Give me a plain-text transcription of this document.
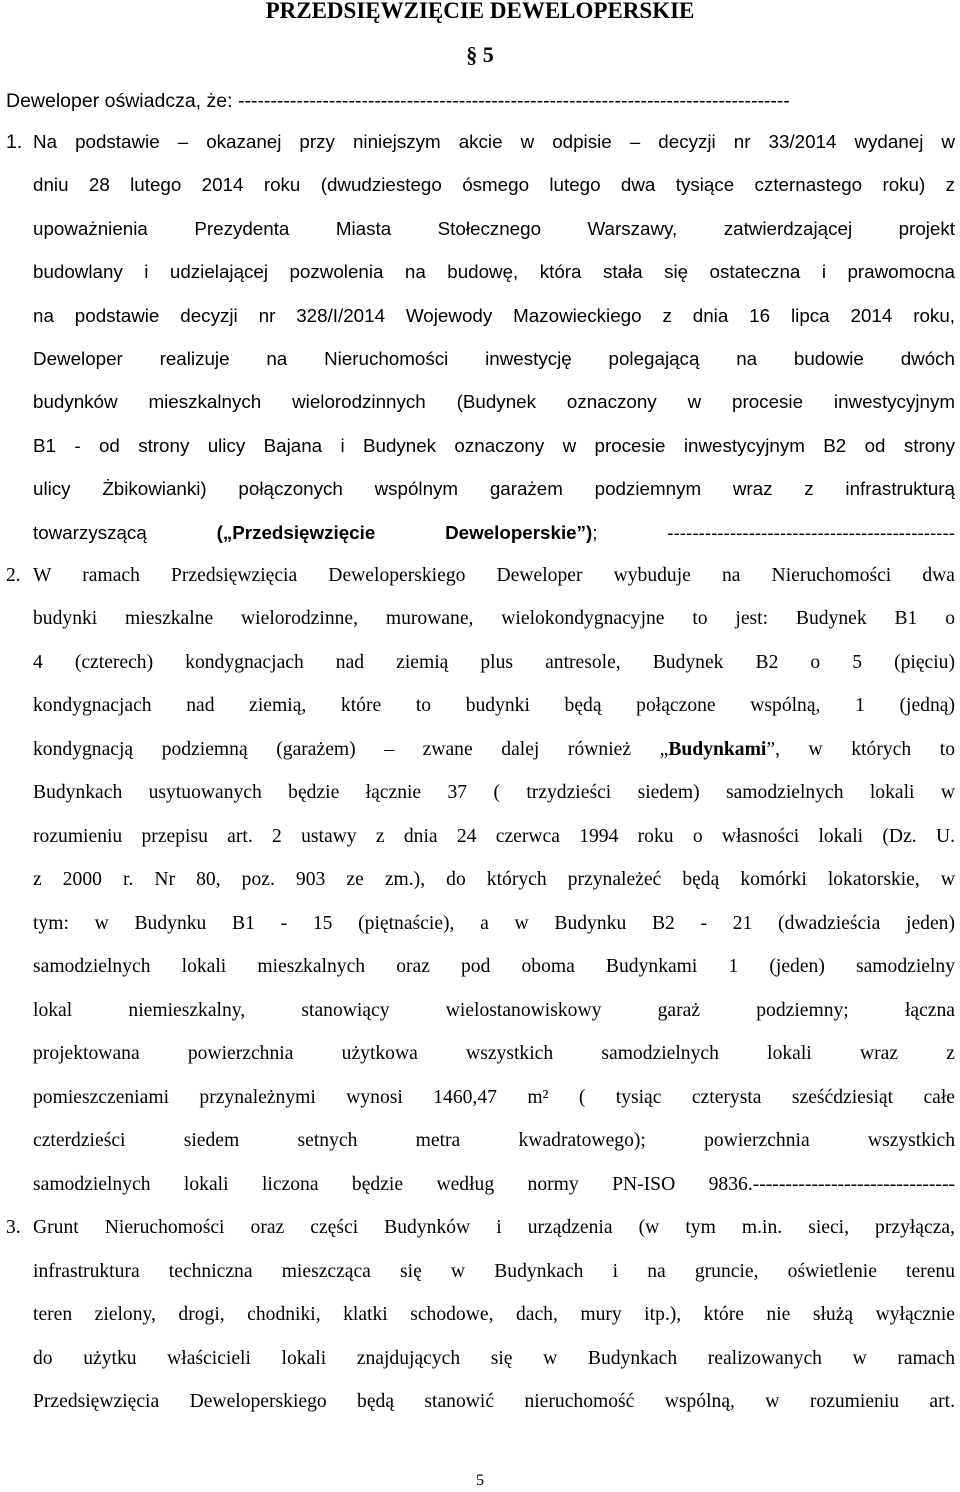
PRZEDSIĘWZIĘCIE DEWELOPERSKIE
§ 5
Deweloper oświadcza, że: -------------------------------------------------------------------------------------
1. Na podstawie – okazanej przy niniejszym akcie w odpisie – decyzji nr 33/2014 wydanej w
dniu 28 lutego 2014 roku (dwudziestego ósmego lutego dwa tysiące czternastego roku) z
upoważnienia Prezydenta Miasta Stołecznego Warszawy, zatwierdzającej projekt
budowlany i udzielającej pozwolenia na budowę, która stała się ostateczna i prawomocna
na podstawie decyzji nr 328/I/2014 Wojewody Mazowieckiego z dnia 16 lipca 2014 roku,
Deweloper realizuje na Nieruchomości inwestycję polegającą na budowie dwóch
budynków mieszkalnych wielorodzinnych (Budynek oznaczony w procesie inwestycyjnym
B1 - od strony ulicy Bajana i Budynek oznaczony w procesie inwestycyjnym B2 od strony
ulicy Żbikowianki) połączonych wspólnym garażem podziemnym wraz z infrastrukturą
towarzyszącą („Przedsięwzięcie Deweloperskie”); ----------------------------------------------
2. W ramach Przedsięwzięcia Deweloperskiego Deweloper wybuduje na Nieruchomości dwa
budynki mieszkalne wielorodzinne, murowane, wielokondygnacyjne to jest: Budynek B1 o
4 (czterech) kondygnacjach nad ziemią plus antresole, Budynek B2 o 5 (pięciu)
kondygnacjach nad ziemią, które to budynki będą połączone wspólną, 1 (jedną)
kondygnacją podziemną (garażem) – zwane dalej również „Budynkami”, w których to
Budynkach usytuowanych będzie łącznie 37 ( trzydzieści siedem) samodzielnych lokali w
rozumieniu przepisu art. 2 ustawy z dnia 24 czerwca 1994 roku o własności lokali (Dz. U.
z 2000 r. Nr 80, poz. 903 ze zm.), do których przynależeć będą komórki lokatorskie, w
tym: w Budynku B1 - 15 (piętnaście), a w Budynku B2 - 21 (dwadzieścia jeden)
samodzielnych lokali mieszkalnych oraz pod oboma Budynkami 1 (jeden) samodzielny
lokal niemieszkalny, stanowiący wielostanowiskowy garaż podziemny; łączna
projektowana powierzchnia użytkowa wszystkich samodzielnych lokali wraz z
pomieszczeniami przynależnymi wynosi 1460,47 m² ( tysiąc czterysta sześćdziesiąt całe
czterdzieści siedem setnych metra kwadratowego); powierzchnia wszystkich
samodzielnych lokali liczona będzie według normy PN-ISO 9836.-------------------------------
3. Grunt Nieruchomości oraz części Budynków i urządzenia (w tym m.in. sieci, przyłącza,
infrastruktura techniczna mieszcząca się w Budynkach i na gruncie, oświetlenie terenu
teren zielony, drogi, chodniki, klatki schodowe, dach, mury itp.), które nie służą wyłącznie
do użytku właścicieli lokali znajdujących się w Budynkach realizowanych w ramach
Przedsięwzięcia Deweloperskiego będą stanowić nieruchomość wspólną, w rozumieniu art.
5
